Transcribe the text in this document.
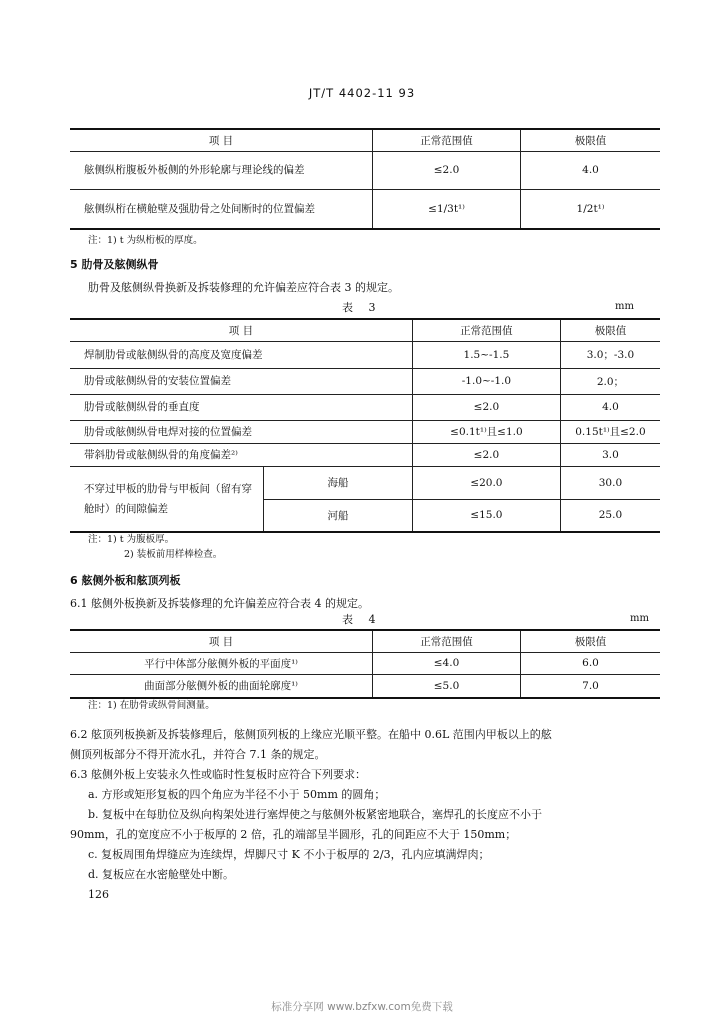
JT/T 4402-11 93
项 目	正常范围值	极限值
舷侧纵桁腹板外板侧的外形轮廓与理论线的偏差	≤2.0	4.0
舷侧纵桁在横舱壁及强肋骨之处间断时的位置偏差	≤1/3t¹⁾	1/2t¹⁾
注：1) t 为纵桁板的厚度。
5 肋骨及舷侧纵骨
肋骨及舷侧纵骨换新及拆装修理的允许偏差应符合表 3 的规定。
表 3	mm
项 目		正常范围值	极限值
焊制肋骨或舷侧纵骨的高度及宽度偏差		1.5~-1.5	3.0；-3.0
肋骨或舷侧纵骨的安装位置偏差		-1.0~-1.0	2.0；
肋骨或舷侧纵骨的垂直度		≤2.0	4.0
肋骨或舷侧纵骨电焊对接的位置偏差		≤0.1t¹⁾且≤1.0	0.15t¹⁾且≤2.0
带斜肋骨或舷侧纵骨的角度偏差²⁾		≤2.0	3.0
不穿过甲板的肋骨与甲板间（留有穿舱时）的间隙偏差	海船	≤20.0	30.0
	河船	≤15.0	25.0
注：1) t 为腹板厚。
2) 装板前用样棒检查。
6 舷侧外板和舷顶列板
6.1 舷侧外板换新及拆装修理的允许偏差应符合表 4 的规定。
表 4	mm
项 目	正常范围值	极限值
平行中体部分舷侧外板的平面度¹⁾	≤4.0	6.0
曲面部分舷侧外板的曲面轮廓度¹⁾	≤5.0	7.0
注：1) 在肋骨或纵骨间测量。
6.2 舷顶列板换新及拆装修理后，舷侧顶列板的上缘应光顺平整。在船中 0.6L 范围内甲板以上的舷
侧顶列板部分不得开流水孔，并符合 7.1 条的规定。
6.3 舷侧外板上安装永久性或临时性复板时应符合下列要求：
a. 方形或矩形复板的四个角应为半径不小于 50mm 的圆角；
b. 复板中在每肋位及纵向构架处进行塞焊使之与舷侧外板紧密地联合，塞焊孔的长度应不小于
90mm，孔的宽度应不小于板厚的 2 倍，孔的端部呈半圆形，孔的间距应不大于 150mm；
c. 复板周围角焊缝应为连续焊，焊脚尺寸 K 不小于板厚的 2/3，孔内应填满焊肉；
d. 复板应在水密舱壁处中断。
126
标准分享网 www.bzfxw.com免费下载
